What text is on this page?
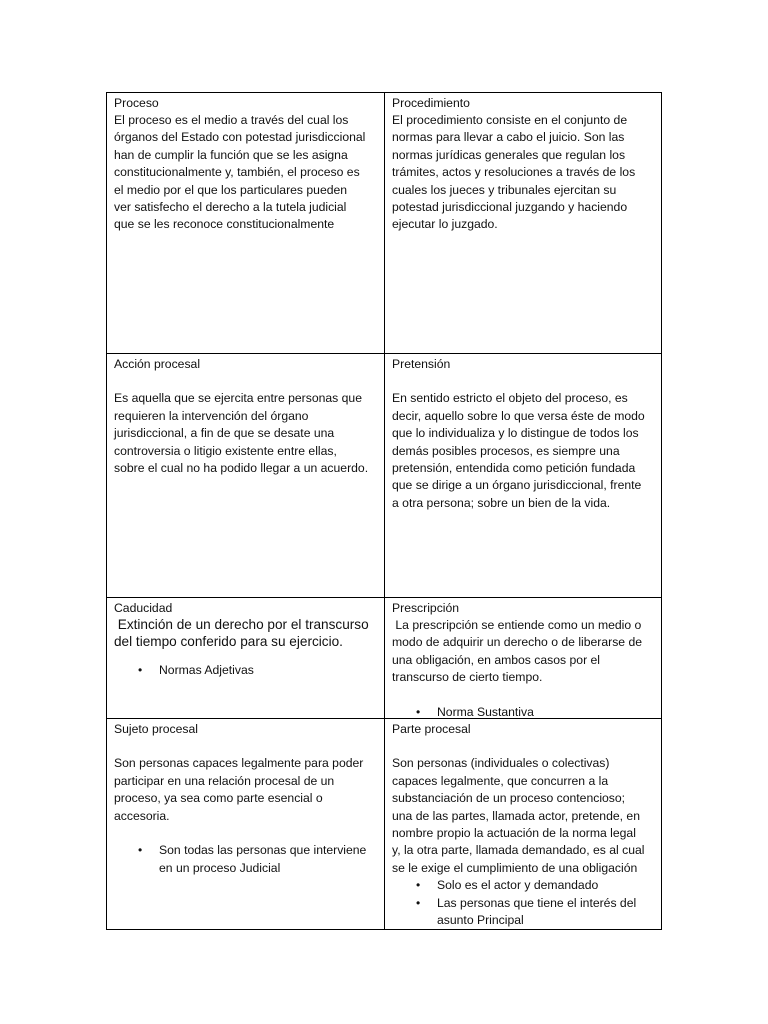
Proceso
El proceso es el medio a través del cual los
órganos del Estado con potestad jurisdiccional
han de cumplir la función que se les asigna
constitucionalmente y, también, el proceso es
el medio por el que los particulares pueden
ver satisfecho el derecho a la tutela judicial
que se les reconoce constitucionalmente
Procedimiento
El procedimiento consiste en el conjunto de
normas para llevar a cabo el juicio. Son las
normas jurídicas generales que regulan los
trámites, actos y resoluciones a través de los
cuales los jueces y tribunales ejercitan su
potestad jurisdiccional juzgando y haciendo
ejecutar lo juzgado.
Acción procesal
Es aquella que se ejercita entre personas que
requieren la intervención del órgano
jurisdiccional, a fin de que se desate una
controversia o litigio existente entre ellas,
sobre el cual no ha podido llegar a un acuerdo.
Pretensión
En sentido estricto el objeto del proceso, es
decir, aquello sobre lo que versa éste de modo
que lo individualiza y lo distingue de todos los
demás posibles procesos, es siempre una
pretensión, entendida como petición fundada
que se dirige a un órgano jurisdiccional, frente
a otra persona; sobre un bien de la vida.
Caducidad
Extinción de un derecho por el transcurso
del tiempo conferido para su ejercicio.
• Normas Adjetivas
Prescripción
La prescripción se entiende como un medio o
modo de adquirir un derecho o de liberarse de
una obligación, en ambos casos por el
transcurso de cierto tiempo.
• Norma Sustantiva
Sujeto procesal
Son personas capaces legalmente para poder
participar en una relación procesal de un
proceso, ya sea como parte esencial o
accesoria.
• Son todas las personas que interviene
en un proceso Judicial
Parte procesal
Son personas (individuales o colectivas)
capaces legalmente, que concurren a la
substanciación de un proceso contencioso;
una de las partes, llamada actor, pretende, en
nombre propio la actuación de la norma legal
y, la otra parte, llamada demandado, es al cual
se le exige el cumplimiento de una obligación
• Solo es el actor y demandado
• Las personas que tiene el interés del
asunto Principal
